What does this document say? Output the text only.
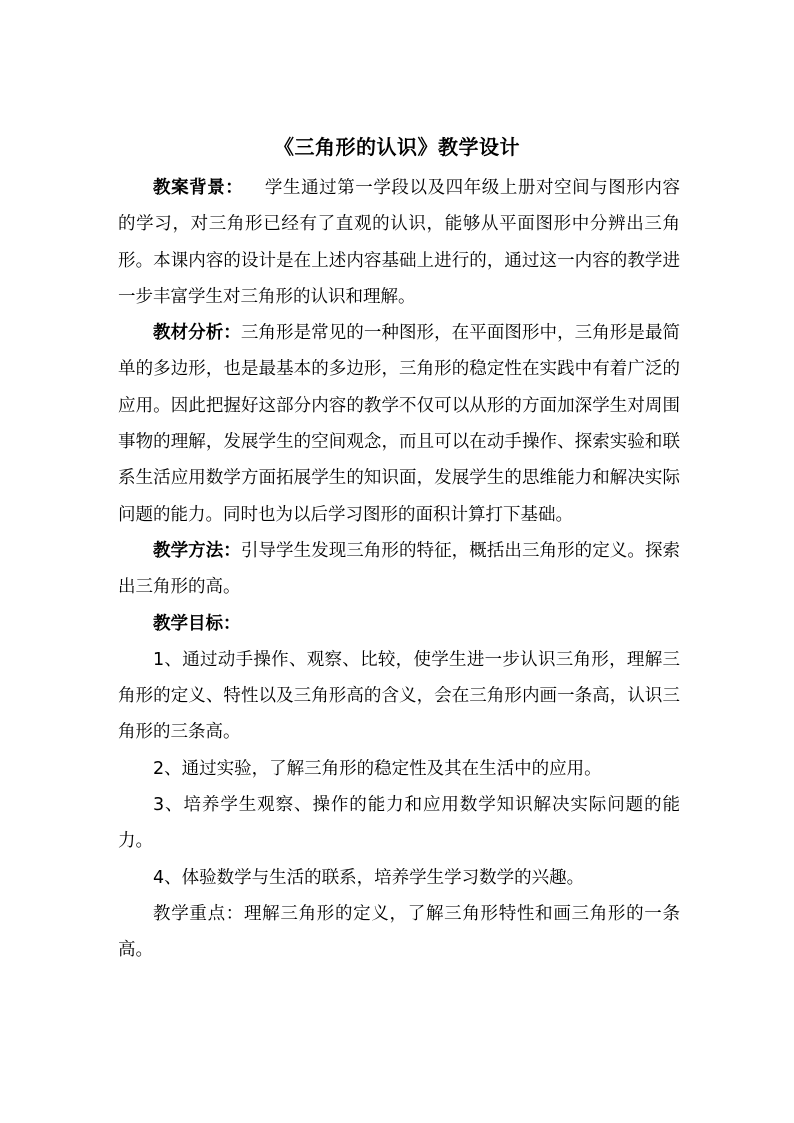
《三角形的认识》教学设计

教案背景： 学生通过第一学段以及四年级上册对空间与图形内容的学习，对三角形已经有了直观的认识，能够从平面图形中分辨出三角形。本课内容的设计是在上述内容基础上进行的，通过这一内容的教学进一步丰富学生对三角形的认识和理解。

教材分析：三角形是常见的一种图形，在平面图形中，三角形是最简单的多边形，也是最基本的多边形，三角形的稳定性在实践中有着广泛的应用。因此把握好这部分内容的教学不仅可以从形的方面加深学生对周围事物的理解，发展学生的空间观念，而且可以在动手操作、探索实验和联系生活应用数学方面拓展学生的知识面，发展学生的思维能力和解决实际问题的能力。同时也为以后学习图形的面积计算打下基础。

教学方法：引导学生发现三角形的特征，概括出三角形的定义。探索出三角形的高。

教学目标：

1、通过动手操作、观察、比较，使学生进一步认识三角形，理解三角形的定义、特性以及三角形高的含义，会在三角形内画一条高，认识三角形的三条高。

2、通过实验，了解三角形的稳定性及其在生活中的应用。

3、培养学生观察、操作的能力和应用数学知识解决实际问题的能力。

4、体验数学与生活的联系，培养学生学习数学的兴趣。

教学重点：理解三角形的定义，了解三角形特性和画三角形的一条高。
